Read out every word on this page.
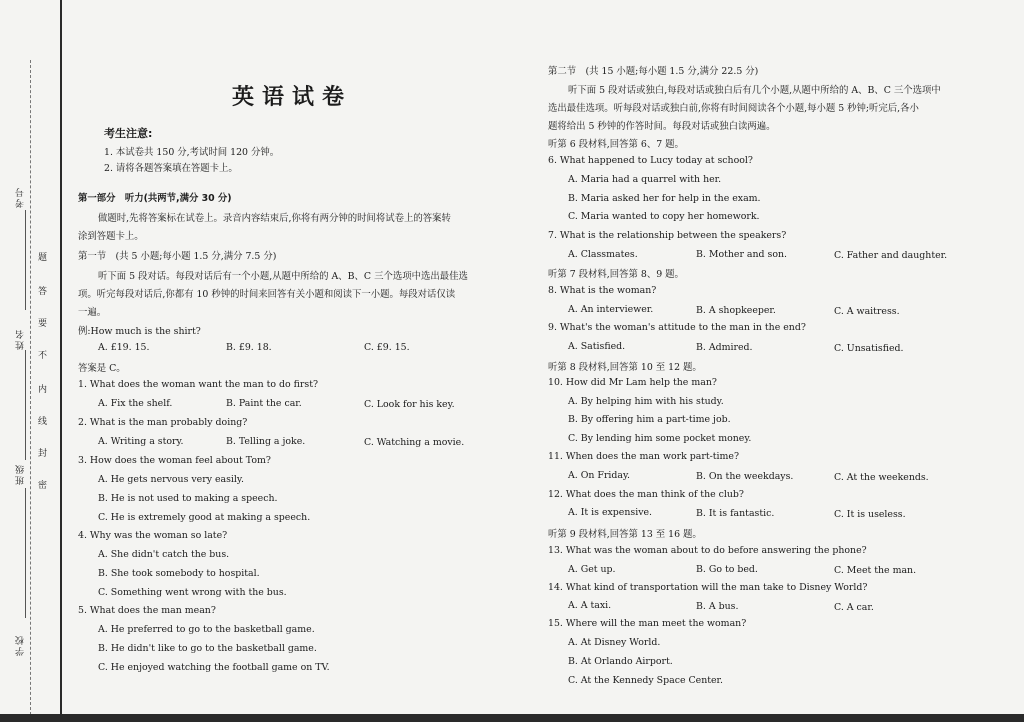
考号
姓名
班级
学校
题
答
要
不
内
线
封
密
英语试卷
考生注意:
1. 本试卷共 150 分,考试时间 120 分钟。
2. 请将各题答案填在答题卡上。
第一部分　听力(共两节,满分 30 分)
做题时,先将答案标在试卷上。录音内容结束后,你将有两分钟的时间将试卷上的答案转
涂到答题卡上。
第一节　(共 5 小题;每小题 1.5 分,满分 7.5 分)
听下面 5 段对话。每段对话后有一个小题,从题中所给的 A、B、C 三个选项中选出最佳选
项。听完每段对话后,你都有 10 秒钟的时间来回答有关小题和阅读下一小题。每段对话仅读
一遍。
例:How much is the shirt?
A. £19. 15.	B. £9. 18.	C. £9. 15.
答案是 C。
1. What does the woman want the man to do first?
A. Fix the shelf.	B. Paint the car.	C. Look for his key.
2. What is the man probably doing?
A. Writing a story.	B. Telling a joke.	C. Watching a movie.
3. How does the woman feel about Tom?
A. He gets nervous very easily.
B. He is not used to making a speech.
C. He is extremely good at making a speech.
4. Why was the woman so late?
A. She didn't catch the bus.
B. She took somebody to hospital.
C. Something went wrong with the bus.
5. What does the man mean?
A. He preferred to go to the basketball game.
B. He didn't like to go to the basketball game.
C. He enjoyed watching the football game on TV.
第二节　(共 15 小题;每小题 1.5 分,满分 22.5 分)
听下面 5 段对话或独白,每段对话或独白后有几个小题,从题中所给的 A、B、C 三个选项中
选出最佳选项。听每段对话或独白前,你将有时间阅读各个小题,每小题 5 秒钟;听完后,各小
题将给出 5 秒钟的作答时间。每段对话或独白读两遍。
听第 6 段材料,回答第 6、7 题。
6. What happened to Lucy today at school?
A. Maria had a quarrel with her.
B. Maria asked her for help in the exam.
C. Maria wanted to copy her homework.
7. What is the relationship between the speakers?
A. Classmates.	B. Mother and son.	C. Father and daughter.
听第 7 段材料,回答第 8、9 题。
8. What is the woman?
A. An interviewer.	B. A shopkeeper.	C. A waitress.
9. What's the woman's attitude to the man in the end?
A. Satisfied.	B. Admired.	C. Unsatisfied.
听第 8 段材料,回答第 10 至 12 题。
10. How did Mr Lam help the man?
A. By helping him with his study.
B. By offering him a part-time job.
C. By lending him some pocket money.
11. When does the man work part-time?
A. On Friday.	B. On the weekdays.	C. At the weekends.
12. What does the man think of the club?
A. It is expensive.	B. It is fantastic.	C. It is useless.
听第 9 段材料,回答第 13 至 16 题。
13. What was the woman about to do before answering the phone?
A. Get up.	B. Go to bed.	C. Meet the man.
14. What kind of transportation will the man take to Disney World?
A. A taxi.	B. A bus.	C. A car.
15. Where will the man meet the woman?
A. At Disney World.
B. At Orlando Airport.
C. At the Kennedy Space Center.
